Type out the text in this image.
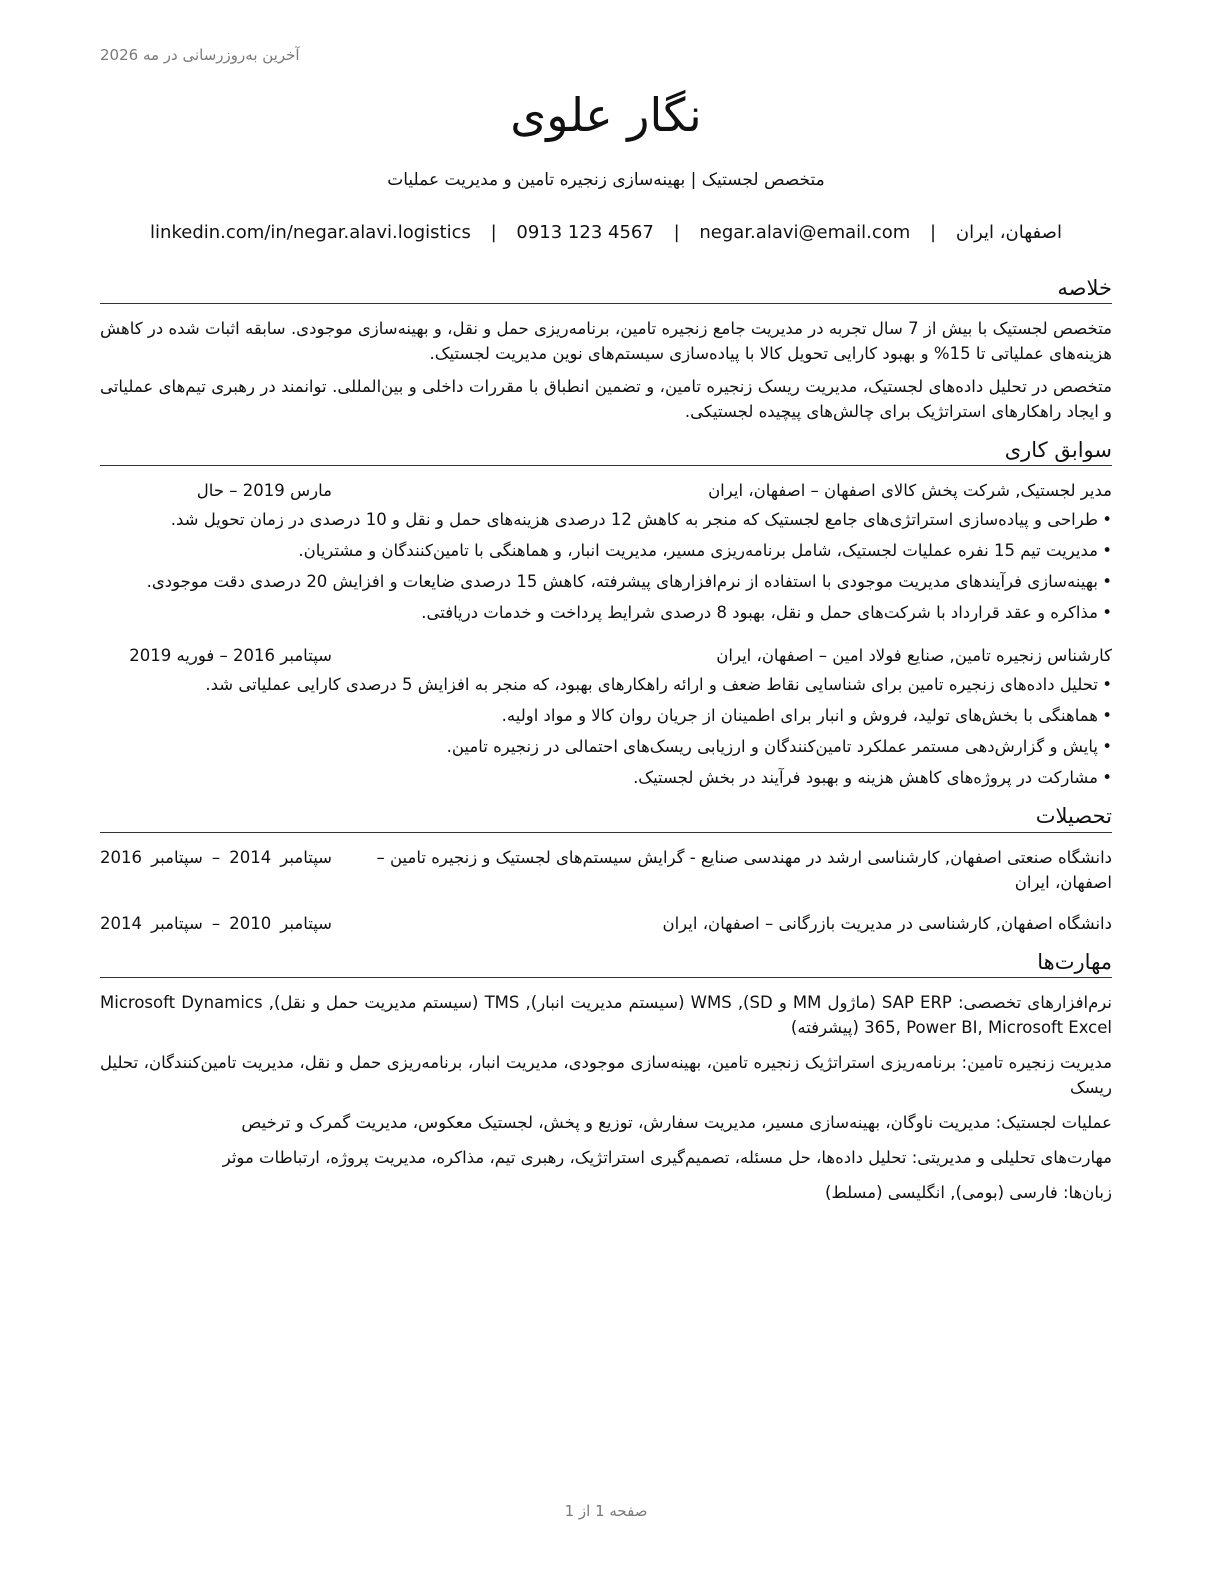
آخرین به‌روزرسانی در مه 2026
نگار علوی
متخصص لجستیک | بهینه‌سازی زنجیره تامین و مدیریت عملیات
اصفهان، ایران | negar.alavi@email.com | 0913 123 4567 | linkedin.com/in/negar.alavi.logistics
خلاصه

متخصص لجستیک با بیش از 7 سال تجربه در مدیریت جامع زنجیره تامین، برنامه‌ریزی حمل و نقل، و بهینه‌سازی موجودی. سابقه اثبات شده در کاهش هزینه‌های عملیاتی تا 15% و بهبود کارایی تحویل کالا با پیاده‌سازی سیستم‌های نوین مدیریت لجستیک.

متخصص در تحلیل داده‌های لجستیک، مدیریت ریسک زنجیره تامین، و تضمین انطباق با مقررات داخلی و بین‌المللی. توانمند در رهبری تیم‌های عملیاتی و ایجاد راهکارهای استراتژیک برای چالش‌های پیچیده لجستیکی.

سوابق کاری
مدیر لجستیک, شرکت پخش کالای اصفهان – اصفهان، ایران
مارس 2019 – حال
•
طراحی و پیاده‌سازی استراتژی‌های جامع لجستیک که منجر به کاهش 12 درصدی هزینه‌های حمل و نقل و 10 درصدی در زمان تحویل شد.
•
مدیریت تیم 15 نفره عملیات لجستیک، شامل برنامه‌ریزی مسیر، مدیریت انبار، و هماهنگی با تامین‌کنندگان و مشتریان.
•
بهینه‌سازی فرآیندهای مدیریت موجودی با استفاده از نرم‌افزارهای پیشرفته، کاهش 15 درصدی ضایعات و افزایش 20 درصدی دقت موجودی.
•
مذاکره و عقد قرارداد با شرکت‌های حمل و نقل، بهبود 8 درصدی شرایط پرداخت و خدمات دریافتی.
کارشناس زنجیره تامین, صنایع فولاد امین – اصفهان، ایران
سپتامبر 2016 – فوریه 2019
•
تحلیل داده‌های زنجیره تامین برای شناسایی نقاط ضعف و ارائه راهکارهای بهبود، که منجر به افزایش 5 درصدی کارایی عملیاتی شد.
•
هماهنگی با بخش‌های تولید، فروش و انبار برای اطمینان از جریان روان کالا و مواد اولیه.
•
پایش و گزارش‌دهی مستمر عملکرد تامین‌کنندگان و ارزیابی ریسک‌های احتمالی در زنجیره تامین.
•
مشارکت در پروژه‌های کاهش هزینه و بهبود فرآیند در بخش لجستیک.
تحصیلات
دانشگاه صنعتی اصفهان, کارشناسی ارشد در مهندسی صنایع - گرایش سیستم‌های لجستیک و زنجیره تامین – اصفهان، ایران
سپتامبر 2014 – سپتامبر 2016
دانشگاه اصفهان, کارشناسی در مدیریت بازرگانی – اصفهان، ایران
سپتامبر 2010 – سپتامبر 2014
مهارت‌ها

نرم‌افزارهای تخصصی: SAP ERP (ماژول MM و SD), WMS (سیستم مدیریت انبار), TMS (سیستم مدیریت حمل و نقل), Microsoft Dynamics 365, Power BI, Microsoft Excel (پیشرفته)

مدیریت زنجیره تامین: برنامه‌ریزی استراتژیک زنجیره تامین، بهینه‌سازی موجودی، مدیریت انبار، برنامه‌ریزی حمل و نقل، مدیریت تامین‌کنندگان، تحلیل ریسک

عملیات لجستیک: مدیریت ناوگان، بهینه‌سازی مسیر، مدیریت سفارش، توزیع و پخش، لجستیک معکوس، مدیریت گمرک و ترخیص

مهارت‌های تحلیلی و مدیریتی: تحلیل داده‌ها، حل مسئله، تصمیم‌گیری استراتژیک، رهبری تیم، مذاکره، مدیریت پروژه، ارتباطات موثر

زبان‌ها: فارسی (بومی), انگلیسی (مسلط)

صفحه 1 از 1
